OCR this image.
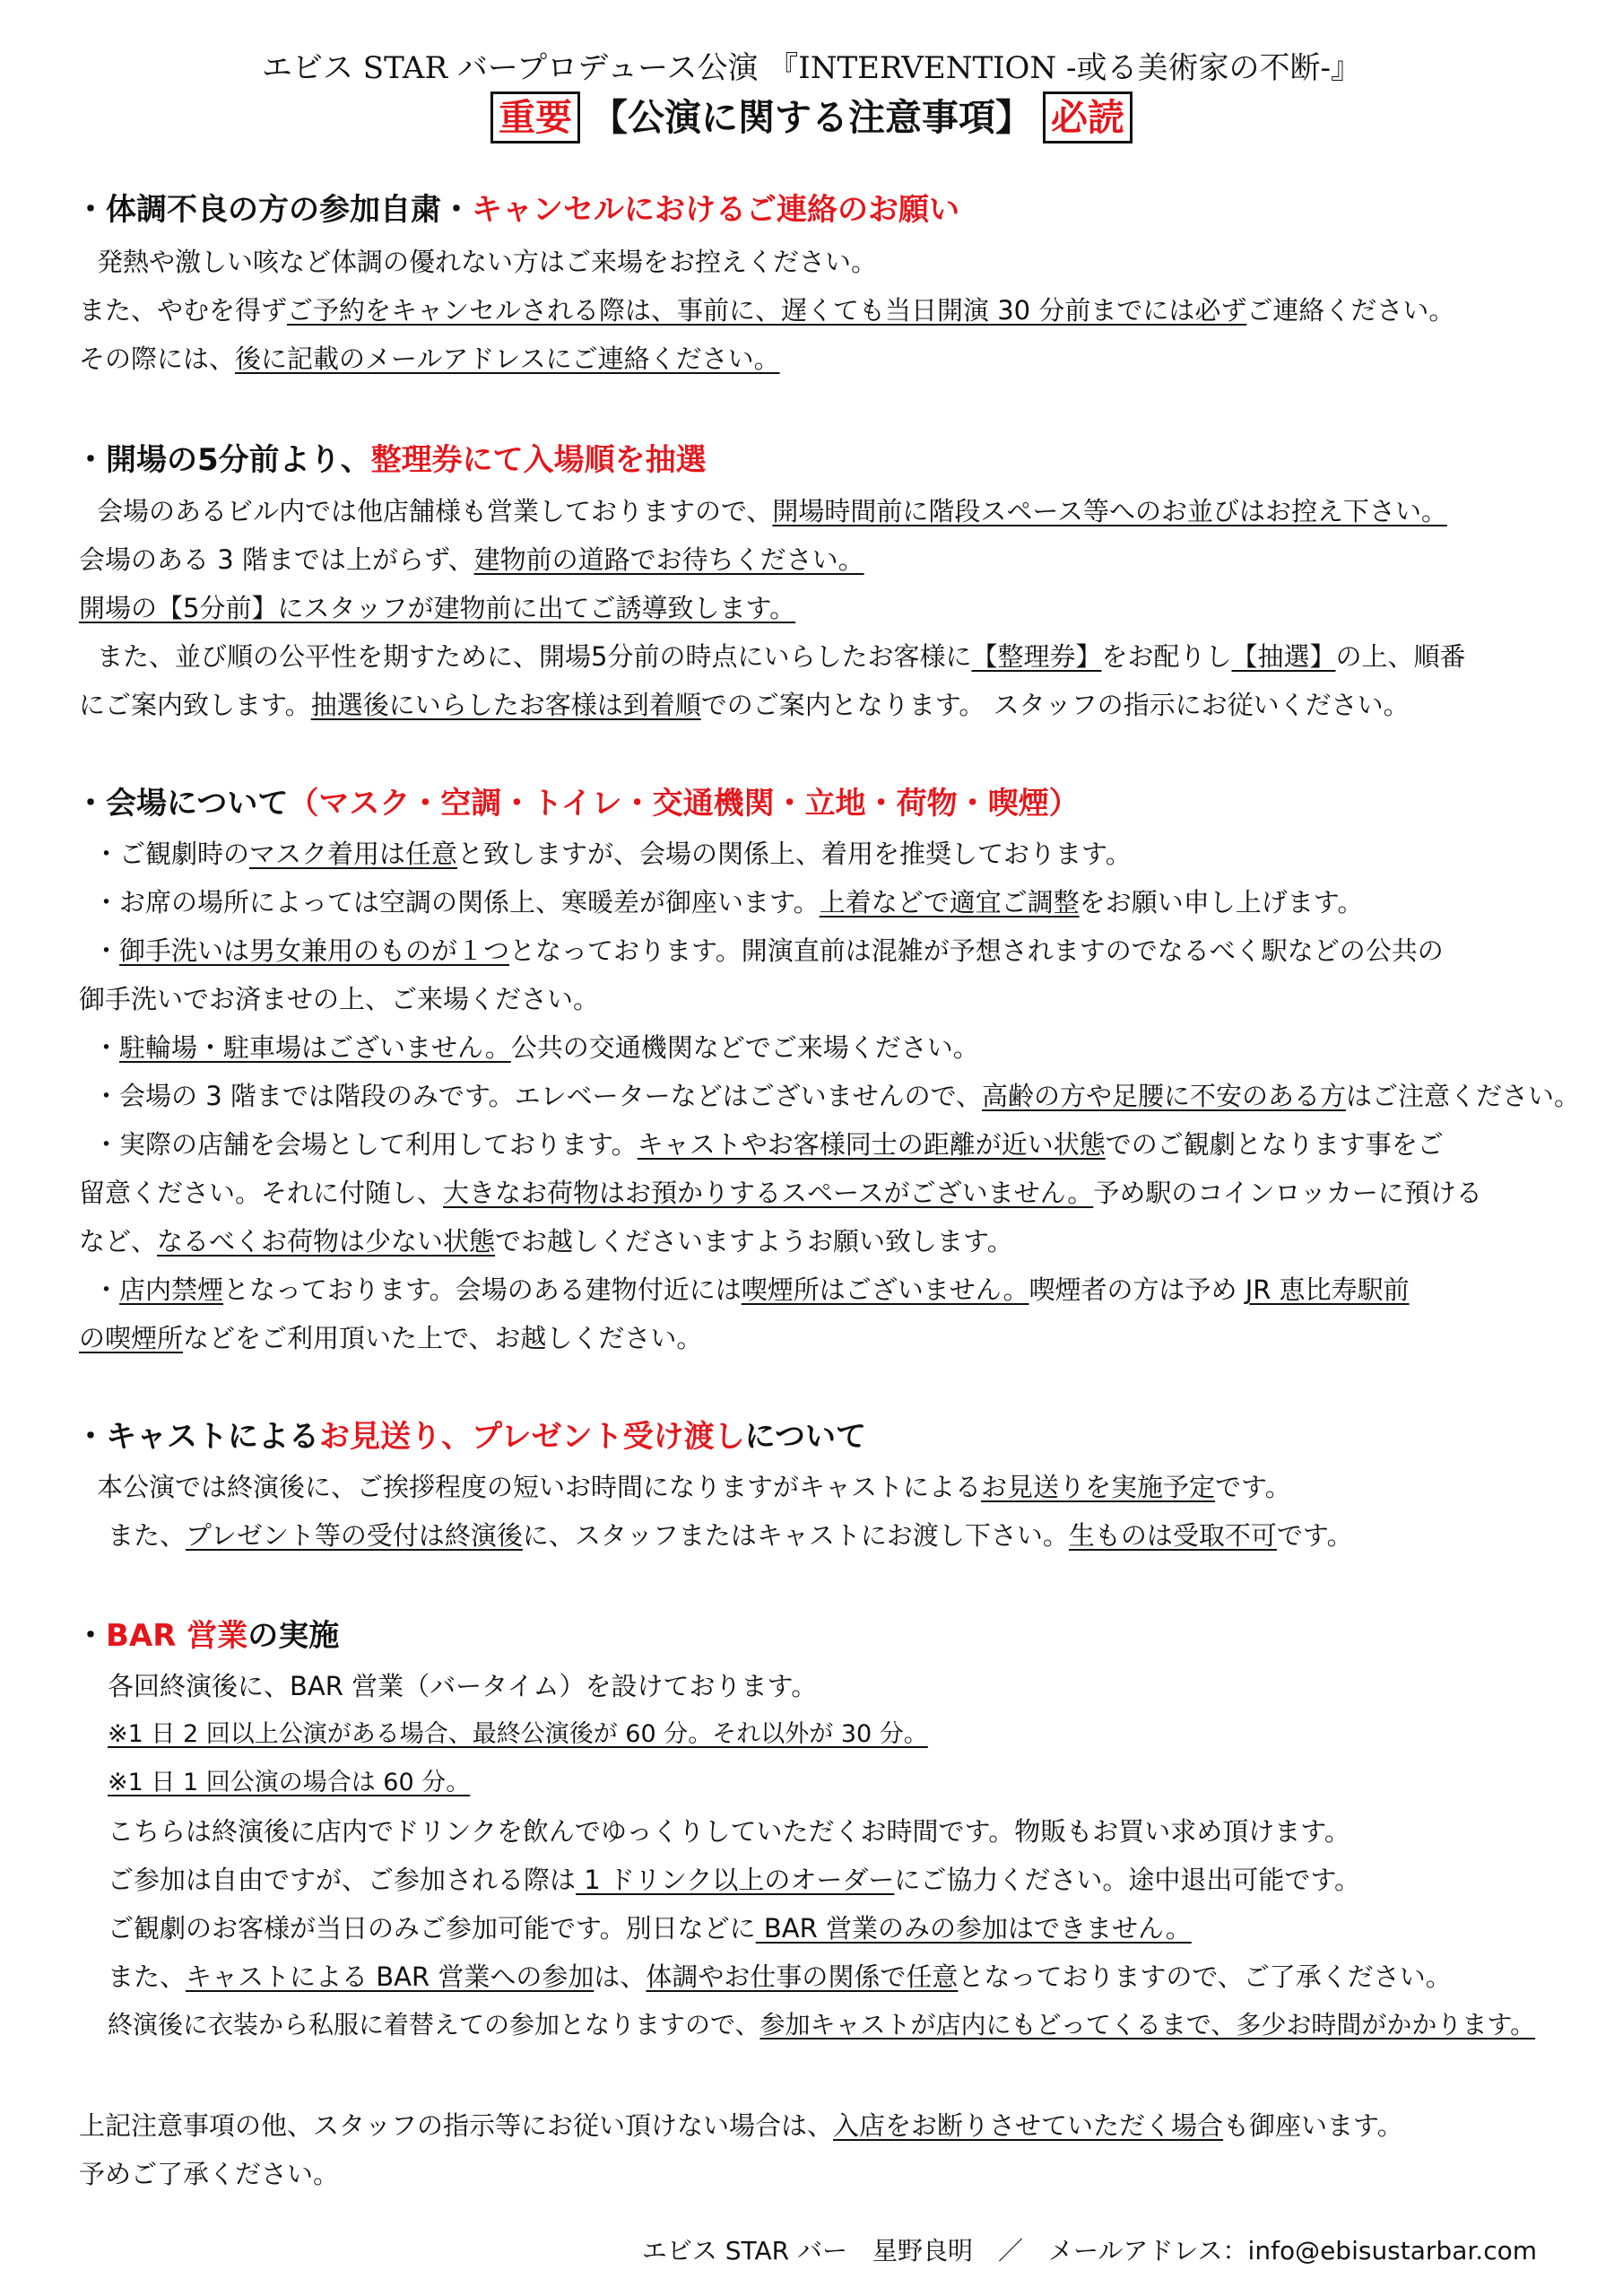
エビス STAR バープロデュース公演 『INTERVENTION -或る美術家の不断-』
重要 【公演に関する注意事項】 必読
・体調不良の方の参加自粛・キャンセルにおけるご連絡のお願い
発熱や激しい咳など体調の優れない方はご来場をお控えください。
また、やむを得ずご予約をキャンセルされる際は、事前に、遅くても当日開演 30 分前までには必ずご連絡ください。
その際には、後に記載のメールアドレスにご連絡ください。
・開場の5分前より、整理券にて入場順を抽選
会場のあるビル内では他店舗様も営業しておりますので、開場時間前に階段スペース等へのお並びはお控え下さい。
会場のある 3 階までは上がらず、建物前の道路でお待ちください。
開場の【5分前】にスタッフが建物前に出てご誘導致します。
また、並び順の公平性を期すために、開場5分前の時点にいらしたお客様に【整理券】をお配りし【抽選】の上、順番
にご案内致します。抽選後にいらしたお客様は到着順でのご案内となります。 スタッフの指示にお従いください。
・会場について（マスク・空調・トイレ・交通機関・立地・荷物・喫煙）
・ご観劇時のマスク着用は任意と致しますが、会場の関係上、着用を推奨しております。
・お席の場所によっては空調の関係上、寒暖差が御座います。上着などで適宜ご調整をお願い申し上げます。
・御手洗いは男女兼用のものが１つとなっております。開演直前は混雑が予想されますのでなるべく駅などの公共の
御手洗いでお済ませの上、ご来場ください。
・駐輪場・駐車場はございません。公共の交通機関などでご来場ください。
・会場の 3 階までは階段のみです。エレベーターなどはございませんので、高齢の方や足腰に不安のある方はご注意ください。
・実際の店舗を会場として利用しております。キャストやお客様同士の距離が近い状態でのご観劇となります事をご
留意ください。それに付随し、大きなお荷物はお預かりするスペースがございません。予め駅のコインロッカーに預ける
など、なるべくお荷物は少ない状態でお越しくださいますようお願い致します。
・店内禁煙となっております。会場のある建物付近には喫煙所はございません。喫煙者の方は予め JR 恵比寿駅前
の喫煙所などをご利用頂いた上で、お越しください。
・キャストによるお見送り、プレゼント受け渡しについて
本公演では終演後に、ご挨拶程度の短いお時間になりますがキャストによるお見送りを実施予定です。
また、プレゼント等の受付は終演後に、スタッフまたはキャストにお渡し下さい。生ものは受取不可です。
・BAR 営業の実施
各回終演後に、BAR 営業（バータイム）を設けております。
※1 日 2 回以上公演がある場合、最終公演後が 60 分。それ以外が 30 分。
※1 日 1 回公演の場合は 60 分。
こちらは終演後に店内でドリンクを飲んでゆっくりしていただくお時間です。物販もお買い求め頂けます。
ご参加は自由ですが、ご参加される際は 1 ドリンク以上のオーダーにご協力ください。途中退出可能です。
ご観劇のお客様が当日のみご参加可能です。別日などに BAR 営業のみの参加はできません。
また、キャストによる BAR 営業への参加は、体調やお仕事の関係で任意となっておりますので、ご了承ください。
終演後に衣装から私服に着替えての参加となりますので、参加キャストが店内にもどってくるまで、多少お時間がかかります。
上記注意事項の他、スタッフの指示等にお従い頂けない場合は、入店をお断りさせていただく場合も御座います。
予めご了承ください。
エビス STAR バー　星野良明　／　メールアドレス：info@ebisustarbar.com
